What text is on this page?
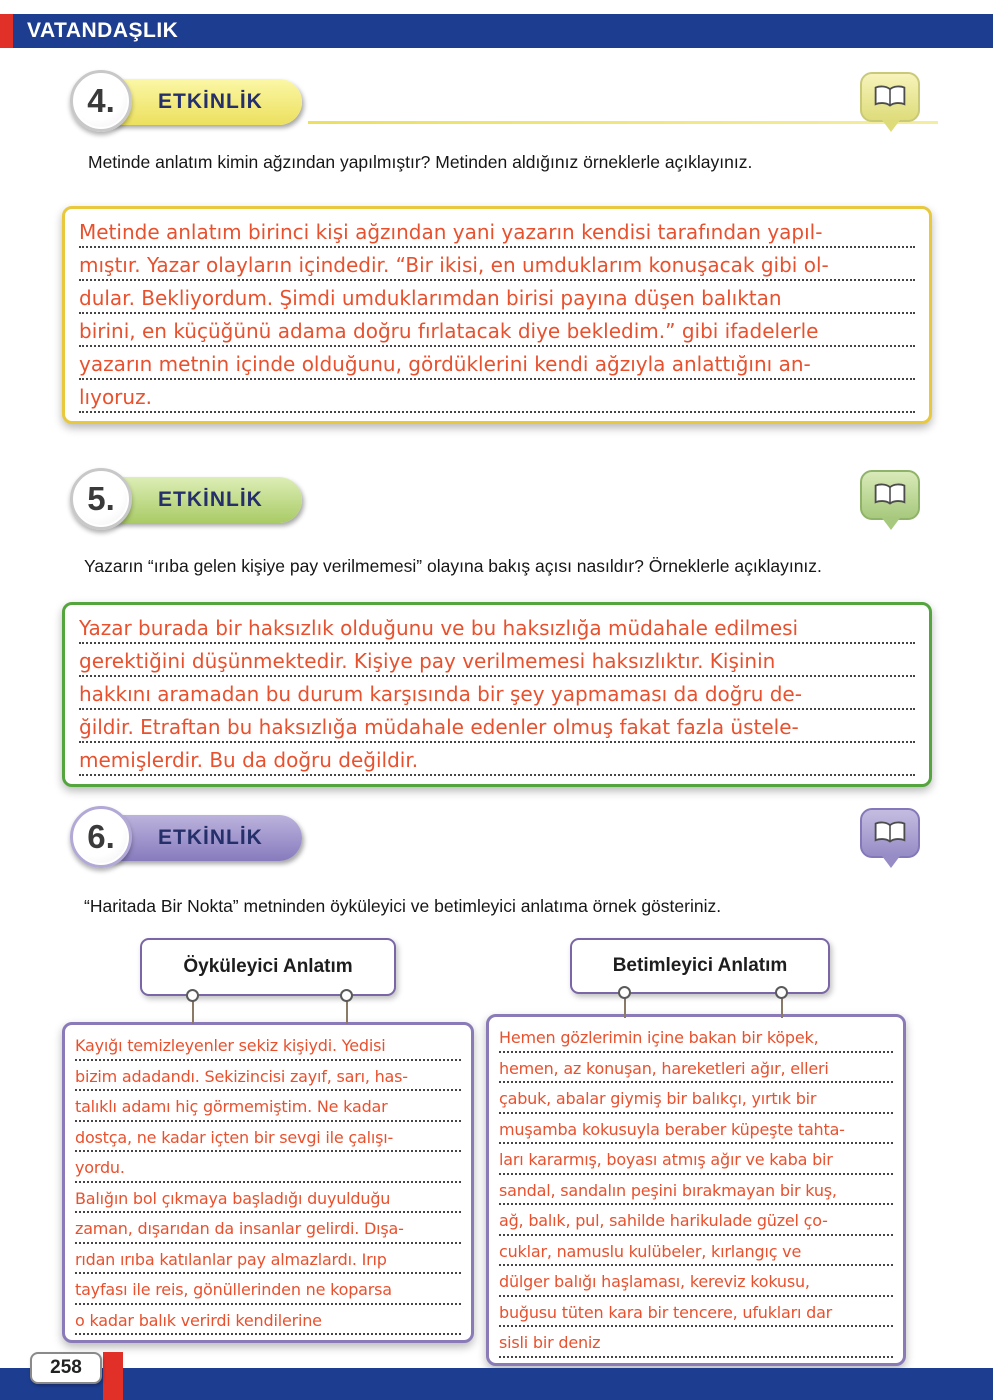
VATANDAŞLIK
ETKİNLİK
4.

Metinde anlatım kimin ağzından yapılmıştır? Metinden aldığınız örneklerle açıklayınız.

Metinde anlatım birinci kişi ağzından yani yazarın kendisi tarafından yapıl-
mıştır. Yazar olayların içindedir. “Bir ikisi, en umduklarım konuşacak gibi ol-
dular. Bekliyordum. Şimdi umduklarımdan birisi payına düşen balıktan
birini, en küçüğünü adama doğru fırlatacak diye bekledim.” gibi ifadelerle
yazarın metnin içinde olduğunu, gördüklerini kendi ağzıyla anlattığını an-
lıyoruz.
ETKİNLİK
5.

Yazarın “ırıba gelen kişiye pay verilmemesi” olayına bakış açısı nasıldır? Örneklerle açıklayınız.

Yazar burada bir haksızlık olduğunu ve bu haksızlığa müdahale edilmesi
gerektiğini düşünmektedir. Kişiye pay verilmemesi haksızlıktır. Kişinin
hakkını aramadan bu durum karşısında bir şey yapmaması da doğru de-
ğildir. Etraftan bu haksızlığa müdahale edenler olmuş fakat fazla üstele-
memişlerdir. Bu da doğru değildir.
ETKİNLİK
6.

“Haritada Bir Nokta” metninden öyküleyici ve betimleyici anlatıma örnek gösteriniz.

Öyküleyici Anlatım	Betimleyici Anlatım
Kayığı temizleyenler sekiz kişiydi. Yedisi
bizim adadandı. Sekizincisi zayıf, sarı, has-
talıklı adamı hiç görmemiştim. Ne kadar
dostça, ne kadar içten bir sevgi ile çalışı-
yordu.
Balığın bol çıkmaya başladığı duyulduğu
zaman, dışarıdan da insanlar gelirdi. Dışa-
rıdan ırıba katılanlar pay almazlardı. Irıp
tayfası ile reis, gönüllerinden ne koparsa
o kadar balık verirdi kendilerine
Hemen gözlerimin içine bakan bir köpek,
hemen, az konuşan, hareketleri ağır, elleri
çabuk, abalar giymiş bir balıkçı, yırtık bir
muşamba kokusuyla beraber küpeşte tahta-
ları kararmış, boyası atmış ağır ve kaba bir
sandal, sandalın peşini bırakmayan bir kuş,
ağ, balık, pul, sahilde harikulade güzel ço-
cuklar, namuslu kulübeler, kırlangıç ve
dülger balığı haşlaması, kereviz kokusu,
buğusu tüten kara bir tencere, ufukları dar
sisli bir deniz
258
